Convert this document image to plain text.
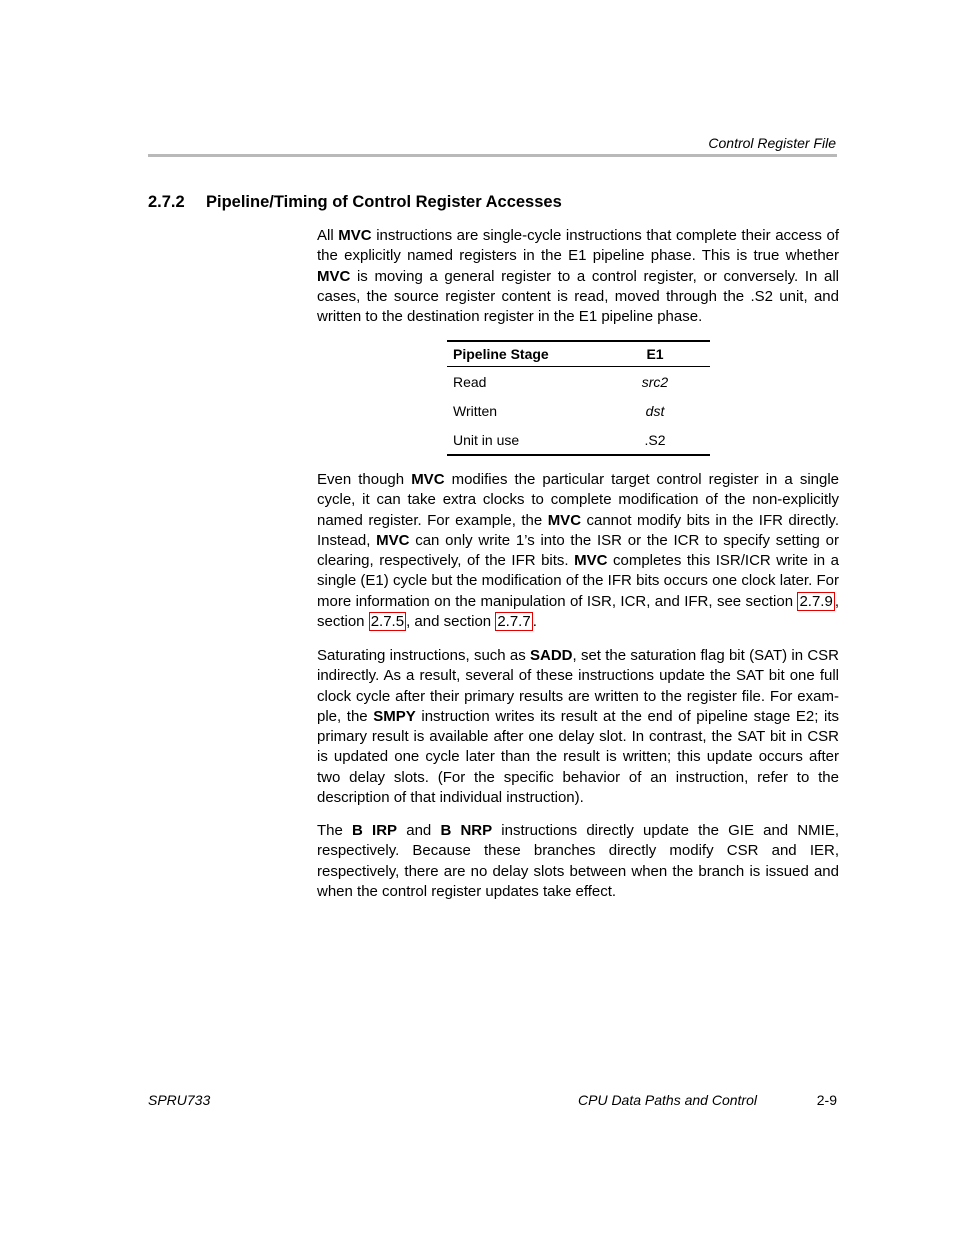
Control Register File
2.7.2 Pipeline/Timing of Control Register Accesses

All MVC instructions are single-cycle instructions that complete their access of the explicitly named registers in the E1 pipeline phase. This is true whether MVC is moving a general register to a control register, or conversely. In all cases, the source register content is read, moved through the .S2 unit, and written to the destination register in the E1 pipeline phase.

Pipeline Stage	E1
Read	src2
Written	dst
Unit in use	.S2

Even though MVC modifies the particular target control register in a single cycle, it can take extra clocks to complete modification of the non-explicitly named register. For example, the MVC cannot modify bits in the IFR directly. Instead, MVC can only write 1’s into the ISR or the ICR to specify setting or clearing, respectively, of the IFR bits. MVC completes this ISR/ICR write in a single (E1) cycle but the modification of the IFR bits occurs one clock later. For more information on the manipulation of ISR, ICR, and IFR, see section 2.7.9 , section 2.7.5 , and section 2.7.7 .

Saturating instructions, such as SADD, set the saturation flag bit (SAT) in CSR indirectly. As a result, several of these instructions update the SAT bit one full clock cycle after their primary results are written to the register file. For exam-ple, the SMPY instruction writes its result at the end of pipeline stage E2; its primary result is available after one delay slot. In contrast, the SAT bit in CSR is updated one cycle later than the result is written; this update occurs after two delay slots. (For the specific behavior of an instruction, refer to the description of that individual instruction).

The B IRP and B NRP instructions directly update the GIE and NMIE, respectively. Because these branches directly modify CSR and IER, respectively, there are no delay slots between when the branch is issued and when the control register updates take effect.

SPRU733	CPU Data Paths and Control	2-9
